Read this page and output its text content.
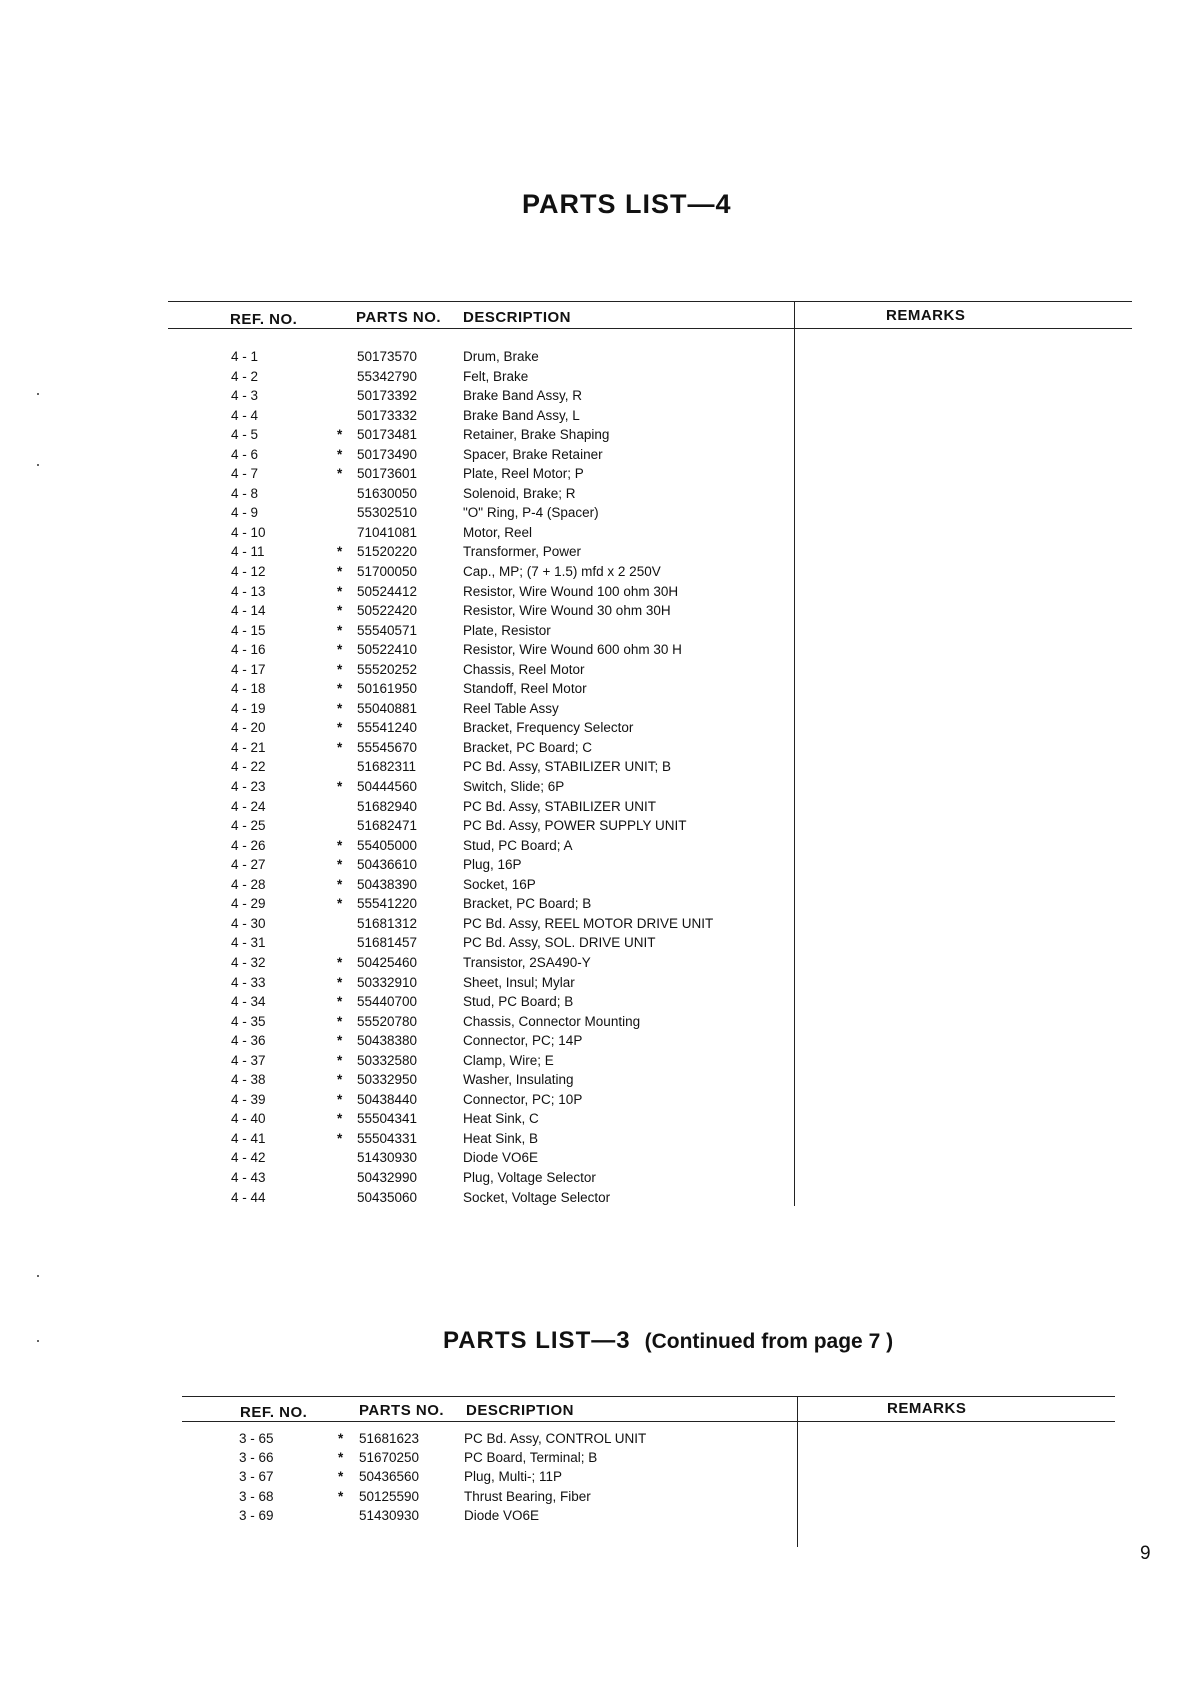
PARTS LIST—4
REF. NO.	PARTS NO. DESCRIPTION	REMARKS
4 - 1	50173570	Drum, Brake
4 - 2	55342790	Felt, Brake
4 - 3	50173392	Brake Band Assy, R
4 - 4	50173332	Brake Band Assy, L
4 - 5	* 50173481	Retainer, Brake Shaping
4 - 6	* 50173490	Spacer, Brake Retainer
4 - 7	* 50173601	Plate, Reel Motor; P
4 - 8	51630050	Solenoid, Brake; R
4 - 9	55302510	"O" Ring, P-4 (Spacer)
4 - 10	71041081	Motor, Reel
4 - 11	* 51520220	Transformer, Power
4 - 12	* 51700050	Cap., MP; (7 + 1.5) mfd x 2 250V
4 - 13	* 50524412	Resistor, Wire Wound 100 ohm 30H
4 - 14	* 50522420	Resistor, Wire Wound 30 ohm 30H
4 - 15	* 55540571	Plate, Resistor
4 - 16	* 50522410	Resistor, Wire Wound 600 ohm 30 H
4 - 17	* 55520252	Chassis, Reel Motor
4 - 18	* 50161950	Standoff, Reel Motor
4 - 19	* 55040881	Reel Table Assy
4 - 20	* 55541240	Bracket, Frequency Selector
4 - 21	* 55545670	Bracket, PC Board; C
4 - 22	51682311	PC Bd. Assy, STABILIZER UNIT; B
4 - 23	* 50444560	Switch, Slide; 6P
4 - 24	51682940	PC Bd. Assy, STABILIZER UNIT
4 - 25	51682471	PC Bd. Assy, POWER SUPPLY UNIT
4 - 26	* 55405000	Stud, PC Board; A
4 - 27	* 50436610	Plug, 16P
4 - 28	* 50438390	Socket, 16P
4 - 29	* 55541220	Bracket, PC Board; B
4 - 30	51681312	PC Bd. Assy, REEL MOTOR DRIVE UNIT
4 - 31	51681457	PC Bd. Assy, SOL. DRIVE UNIT
4 - 32	* 50425460	Transistor, 2SA490-Y
4 - 33	* 50332910	Sheet, Insul; Mylar
4 - 34	* 55440700	Stud, PC Board; B
4 - 35	* 55520780	Chassis, Connector Mounting
4 - 36	* 50438380	Connector, PC; 14P
4 - 37	* 50332580	Clamp, Wire; E
4 - 38	* 50332950	Washer, Insulating
4 - 39	* 50438440	Connector, PC; 10P
4 - 40	* 55504341	Heat Sink, C
4 - 41	* 55504331	Heat Sink, B
4 - 42	51430930	Diode VO6E
4 - 43	50432990	Plug, Voltage Selector
4 - 44	50435060	Socket, Voltage Selector
PARTS LIST—3 (Continued from page 7 )
REF. NO.	PARTS NO. DESCRIPTION	REMARKS
3 - 65	* 51681623	PC Bd. Assy, CONTROL UNIT
3 - 66	* 51670250	PC Board, Terminal; B
3 - 67	* 50436560	Plug, Multi-; 11P
3 - 68	* 50125590	Thrust Bearing, Fiber
3 - 69	51430930	Diode VO6E
9
